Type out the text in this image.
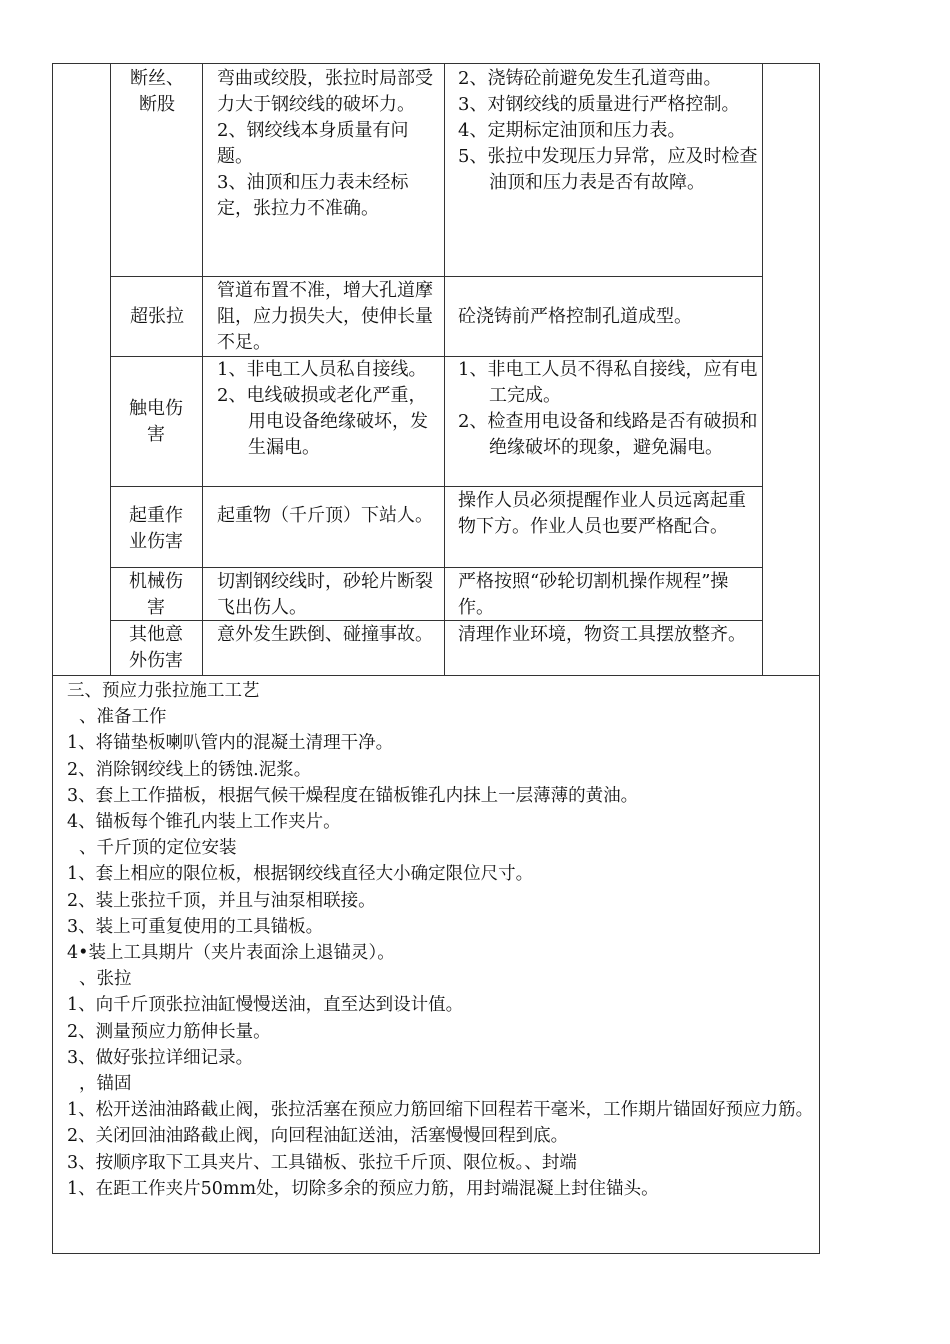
断丝、断股
弯曲或绞股，张拉时局部受力大于钢绞线的破坏力。
2、钢绞线本身质量有问题。
3、油顶和压力表未经标定，张拉力不准确。
2、浇铸砼前避免发生孔道弯曲。
3、对钢绞线的质量进行严格控制。
4、定期标定油顶和压力表。
5、张拉中发现压力异常，应及时检查油顶和压力表是否有故障。
超张拉
管道布置不准，增大孔道摩阻，应力损失大，使伸长量不足。
砼浇铸前严格控制孔道成型。
触电伤害
1、非电工人员私自接线。
2、电线破损或老化严重，用电设备绝缘破坏，发生漏电。
1、非电工人员不得私自接线，应有电工完成。
2、检查用电设备和线路是否有破损和绝缘破坏的现象，避免漏电。
起重作业伤害
起重物（千斤顶）下站人。
操作人员必须提醒作业人员远离起重物下方。作业人员也要严格配合。
机械伤害
切割钢绞线时，砂轮片断裂飞出伤人。
严格按照“砂轮切割机操作规程”操作。
其他意外伤害
意外发生跌倒、碰撞事故。 清理作业环境，物资工具摆放整齐。
三、预应力张拉施工工艺
、准备工作
1、将锚垫板喇叭管内的混凝土清理干净。
2、消除钢绞线上的锈蚀.泥浆。
3、套上工作描板，根据气候干燥程度在锚板锥孔内抹上一层薄薄的黄油。
4、锚板每个锥孔内装上工作夹片。
、千斤顶的定位安装
1、套上相应的限位板，根据钢绞线直径大小确定限位尺寸。
2、装上张拉千顶，并且与油泵相联接。
3、装上可重复使用的工具锚板。
4•装上工具期片（夹片表面涂上退锚灵）。
、张拉
1、向千斤顶张拉油缸慢慢送油，直至达到设计值。
2、测量预应力筋伸长量。
3、做好张拉详细记录。
，锚固
1、松开送油油路截止阀，张拉活塞在预应力筋回缩下回程若干毫米，工作期片锚固好预应力筋。
2、关闭回油油路截止阀，向回程油缸送油，活塞慢慢回程到底。
3、按顺序取下工具夹片、工具锚板、张拉千斤顶、限位板。、封端
1、在距工作夹片50mm处，切除多余的预应力筋，用封端混凝上封住锚头。
